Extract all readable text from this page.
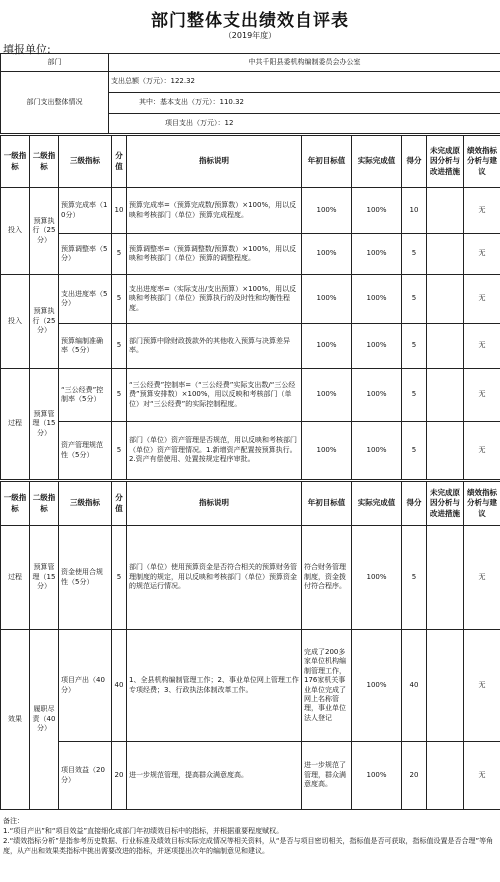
部门整体支出绩效自评表
（2019年度）
填报单位:
部门	中共千阳县委机构编制委员会办公室
部门支出整体情况	支出总额（万元）：122.32
	其中：基本支出（万元）：110.32
	项目支出（万元）：12
一级指标	二级指标	三级指标	分值	指标说明	年初目标值	实际完成值	得分	未完成原因分析与改进措施	绩效指标分析与建议
投入	预算执行（25分）	预算完成率（10分）	10	预算完成率=（预算完成数/预算数）×100%，用以反映和考核部门（单位）预算完成程度。	100%	100%	10		无
		预算调整率（5分）	5	预算调整率=（预算调整数/预算数）×100%，用以反映和考核部门（单位）预算的调整程度。	100%	100%	5		无
投入	预算执行（25分）	支出进度率（5分）	5	支出进度率=（实际支出/支出预算）×100%，用以反映和考核部门（单位）预算执行的及时性和均衡性程度。	100%	100%	5		无
		预算编制准确率（5分）	5	部门预算中除财政拨款外的其他收入预算与决算差异率。	100%	100%	5		无
过程	预算管理（15分）	“三公经费”控制率（5分）	5	“三公经费”控制率=（“三公经费”实际支出数/“三公经费”预算安排数）×100%，用以反映和考核部门（单位）对“三公经费”的实际控制程度。	100%	100%	5		无
		资产管理规范性（5分）	5	部门（单位）资产管理是否规范，用以反映和考核部门（单位）资产管理情况。1.新增资产配置按预算执行。2.资产有偿使用、处置按规定程序审批。	100%	100%	5		无
一级指标	二级指标	三级指标	分值	指标说明	年初目标值	实际完成值	得分	未完成原因分析与改进措施	绩效指标分析与建议
过程	预算管理（15分）	资金使用合规性（5分）	5	部门（单位）使用预算资金是否符合相关的预算财务管理制度的规定，用以反映和考核部门（单位）预算资金的规范运行情况。	符合财务管理制度，资金拨付符合程序。	100%	5		无
效果	履职尽责（40分）	项目产出（40分）	40	1、全县机构编制管理工作；2、事业单位网上管理工作专项经费；3、行政执法体制改革工作。	完成了200多家单位机构编制管理工作，176家机关事业单位完成了网上名称管理，事业单位法人登记	100%	40		无
		项目效益（20分）	20	进一步规范管理，提高群众满意度高。	进一步规范了管理，群众满意度高。	100%	20		无
备注：
1.“项目产出”和“项目效益”直接细化成部门年初绩效目标中的指标，并根据重要程度赋权。
2.“绩效指标分析”是指参考历史数据、行业标准及绩效目标实际完成情况等相关资料，从“是否与项目密切相关，指标值是否可获取，指标值设置是否合理”等角度，从产出和效果类指标中挑出需要改进的指标，并逐项提出次年的编制意见和建议。
